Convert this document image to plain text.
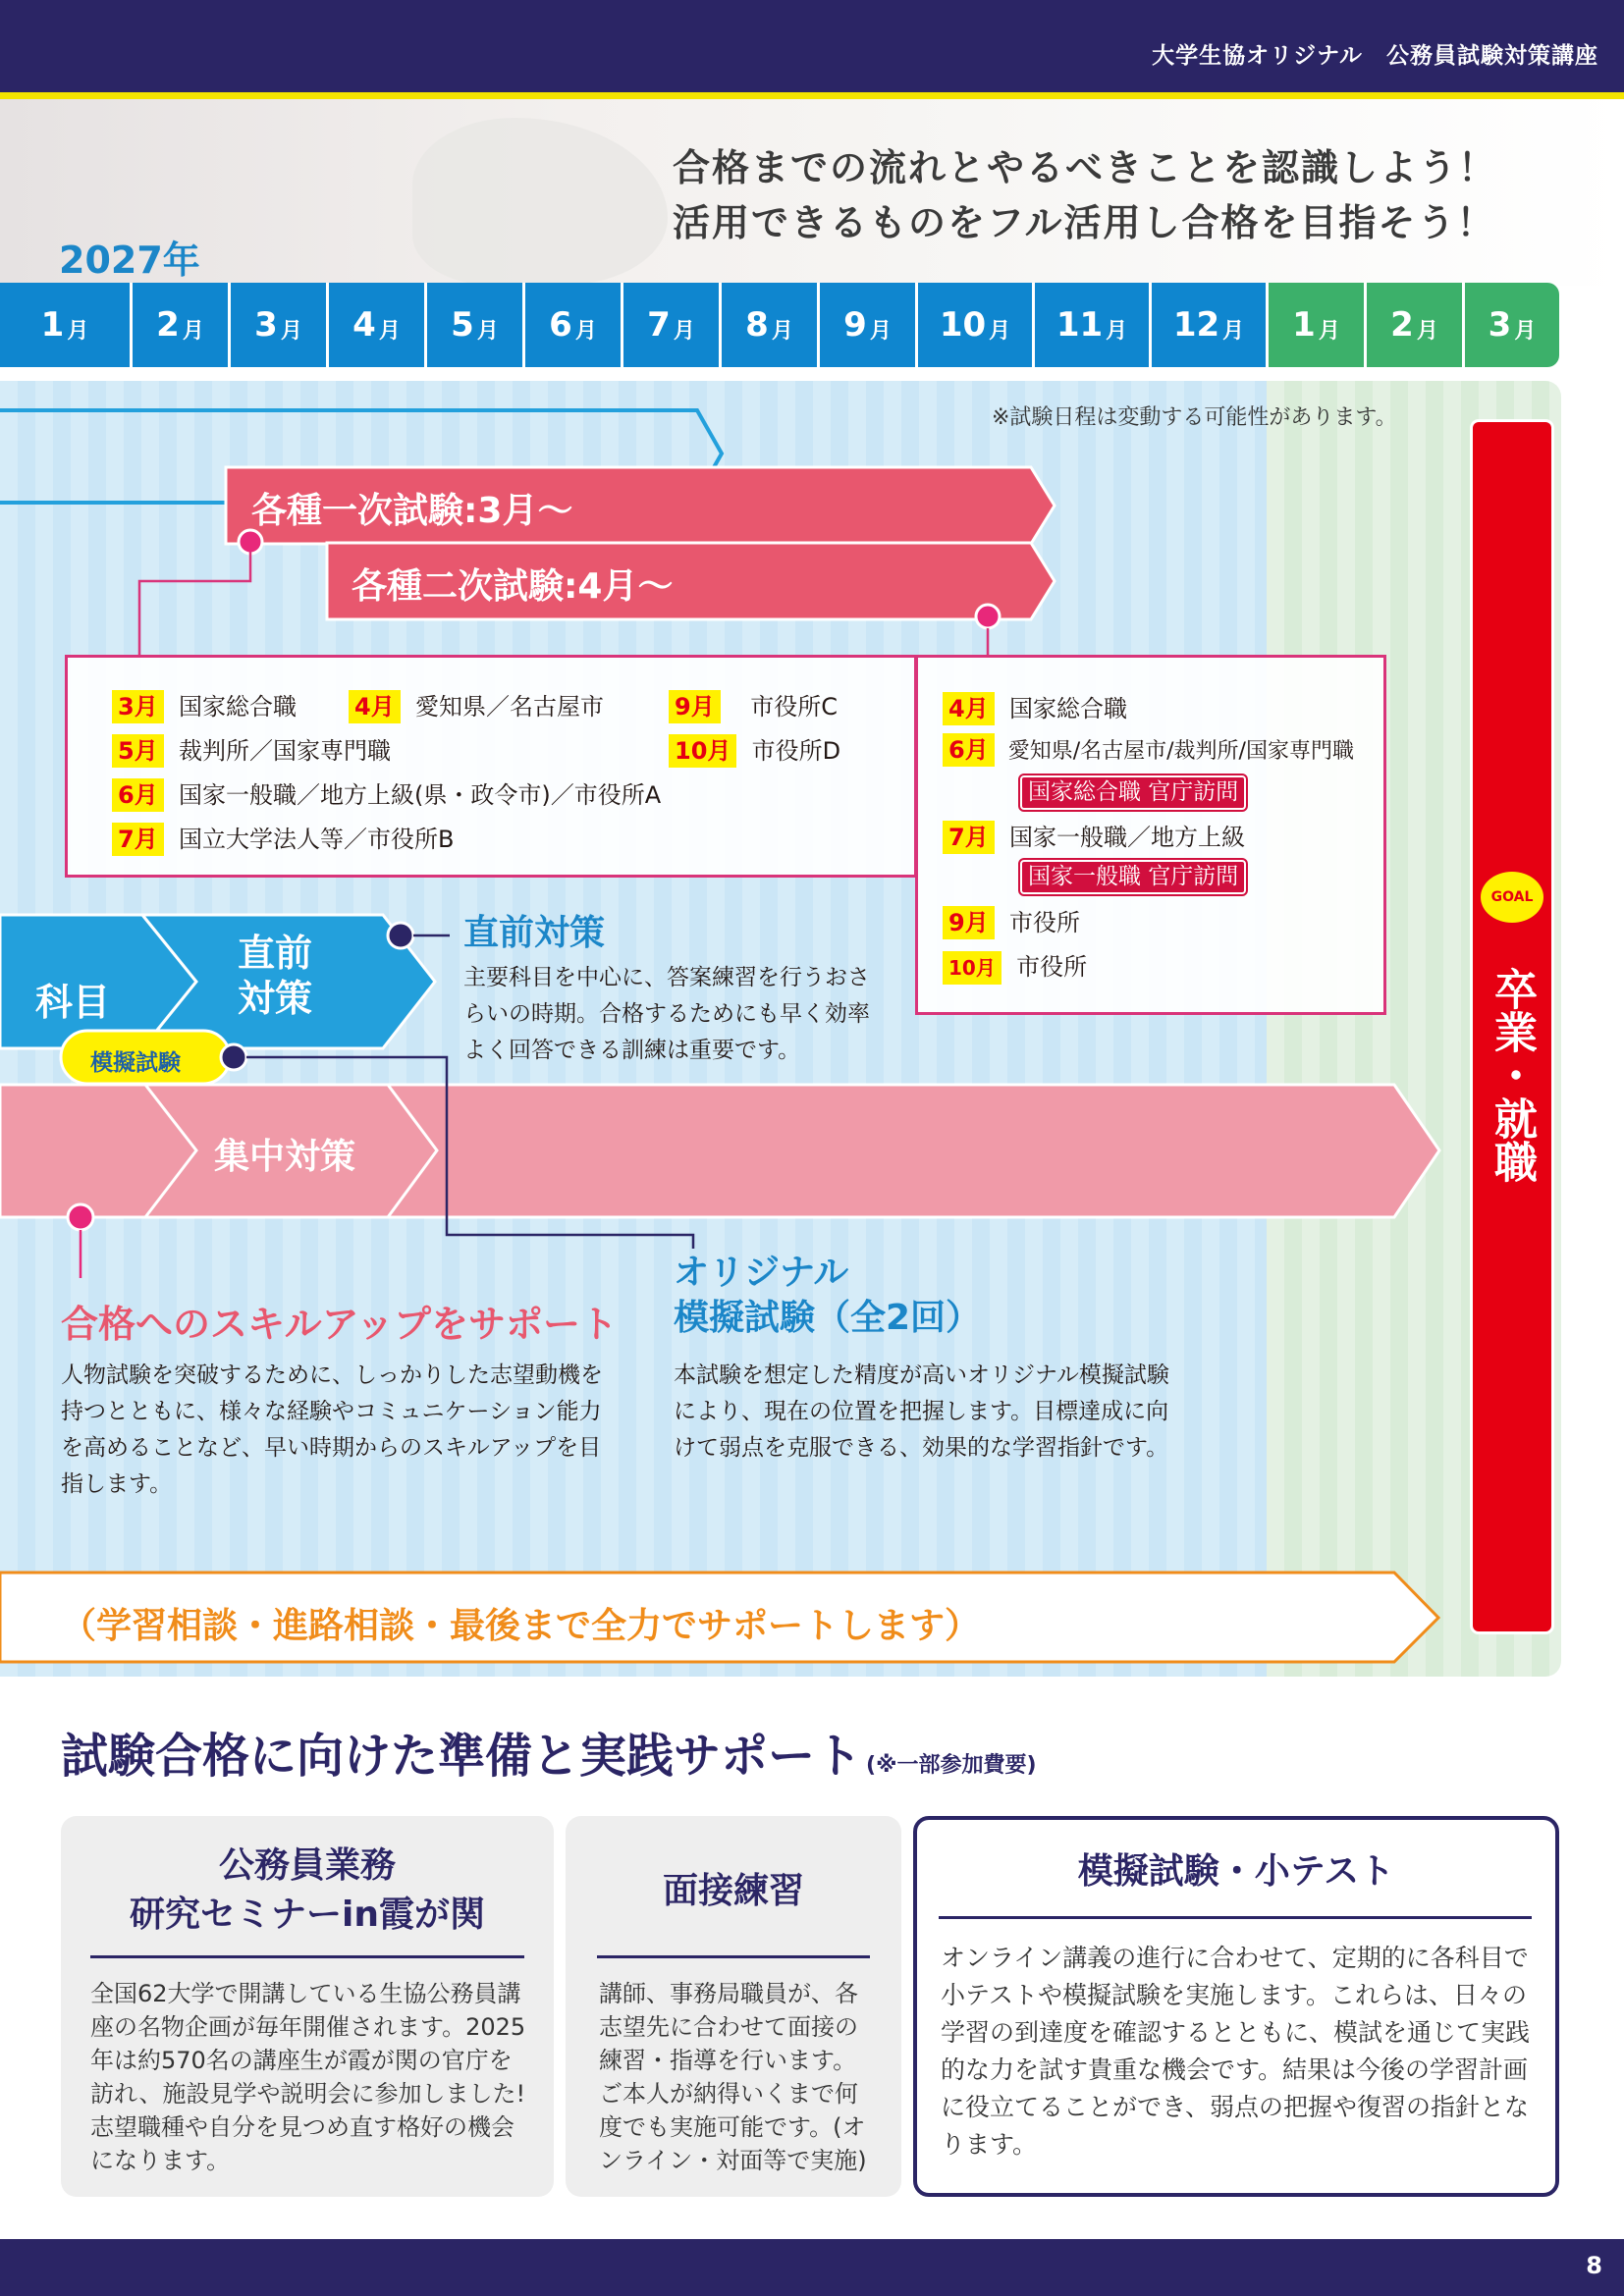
大学生協オリジナル　公務員試験対策講座
合格までの流れとやるべきことを認識しよう！
活用できるものをフル活用し合格を目指そう！
2027年
1 月 2 月 3 月 4 月 5 月 6 月 7 月 8 月 9 月 10 月 11 月 12 月 1 月 2 月 3 月
※試験日程は変動する可能性があります。
各種一次試験:3月〜
各種二次試験:4月〜
3月 国家総合職 4月 愛知県／名古屋市	9月 市役所C
5月 裁判所／国家専門職	10月 市役所D
6月 国家一般職／地方上級(県・政令市)／市役所A
7月 国立大学法人等／市役所B
4月 国家総合職
6月 愛知県/名古屋市/裁判所/国家専門職
国家総合職 官庁訪問
7月 国家一般職／地方上級
国家一般職 官庁訪問
9月 市役所
10月 市役所
GOAL
卒業・就職
科目
直前
対策
模擬試験
集中対策
直前対策
主要科目を中心に、答案練習を行うおさらいの時期。合格するためにも早く効率よく回答できる訓練は重要です。
合格へのスキルアップをサポート
人物試験を突破するために、しっかりした志望動機を持つとともに、様々な経験やコミュニケーション能力を高めることなど、早い時期からのスキルアップを目指します。
オリジナル
模擬試験（全2回）
本試験を想定した精度が高いオリジナル模擬試験により、現在の位置を把握します。目標達成に向けて弱点を克服できる、効果的な学習指針です。
（学習相談・進路相談・最後まで全力でサポートします）
試験合格に向けた準備と実践サポート (※一部参加費要)
公務員業務
研究セミナーin霞が関
全国62大学で開講している生協公務員講座の名物企画が毎年開催されます。2025年は約570名の講座生が霞が関の官庁を訪れ、施設見学や説明会に参加しました!志望職種や自分を見つめ直す格好の機会になります。
面接練習
講師、事務局職員が、各志望先に合わせて面接の練習・指導を行います。ご本人が納得いくまで何度でも実施可能です。(オンライン・対面等で実施)
模擬試験・小テスト
オンライン講義の進行に合わせて、定期的に各科目で小テストや模擬試験を実施します。これらは、日々の学習の到達度を確認するとともに、模試を通じて実践的な力を試す貴重な機会です。結果は今後の学習計画に役立てることができ、弱点の把握や復習の指針となります。
8
